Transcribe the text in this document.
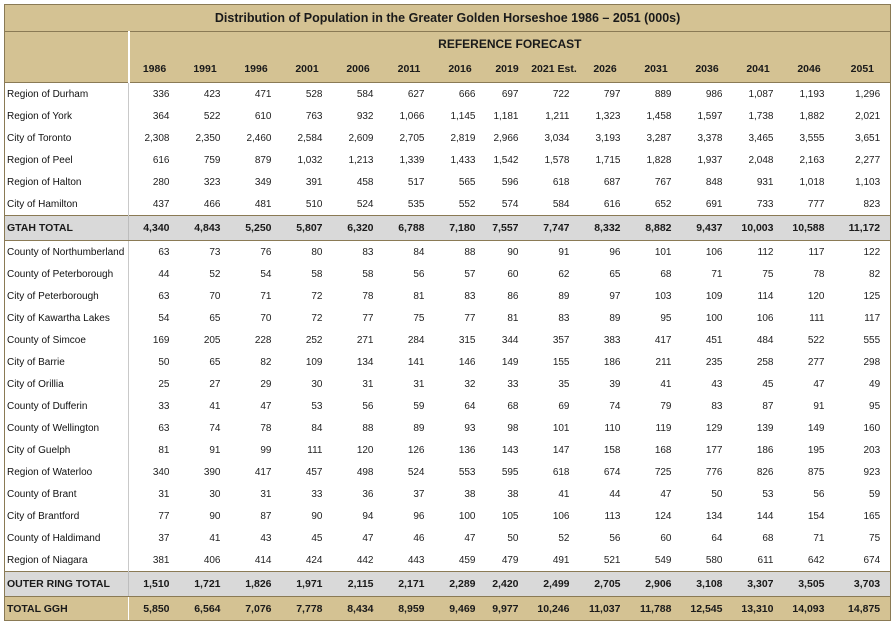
Distribution of Population in the Greater Golden Horseshoe 1986 – 2051 (000s)															
	REFERENCE FORECAST														
	1986	1991	1996	2001	2006	2011	2016	2019	2021 Est.	2026	2031	2036	2041	2046	2051
Region of Durham	336	423	471	528	584	627	666	697	722	797	889	986	1,087	1,193	1,296
Region of York	364	522	610	763	932	1,066	1,145	1,181	1,211	1,323	1,458	1,597	1,738	1,882	2,021
City of Toronto	2,308	2,350	2,460	2,584	2,609	2,705	2,819	2,966	3,034	3,193	3,287	3,378	3,465	3,555	3,651
Region of Peel	616	759	879	1,032	1,213	1,339	1,433	1,542	1,578	1,715	1,828	1,937	2,048	2,163	2,277
Region of Halton	280	323	349	391	458	517	565	596	618	687	767	848	931	1,018	1,103
City of Hamilton	437	466	481	510	524	535	552	574	584	616	652	691	733	777	823
GTAH TOTAL	4,340	4,843	5,250	5,807	6,320	6,788	7,180	7,557	7,747	8,332	8,882	9,437	10,003	10,588	11,172
County of Northumberland	63	73	76	80	83	84	88	90	91	96	101	106	112	117	122
County of Peterborough	44	52	54	58	58	56	57	60	62	65	68	71	75	78	82
City of Peterborough	63	70	71	72	78	81	83	86	89	97	103	109	114	120	125
City of Kawartha Lakes	54	65	70	72	77	75	77	81	83	89	95	100	106	111	117
County of Simcoe	169	205	228	252	271	284	315	344	357	383	417	451	484	522	555
City of Barrie	50	65	82	109	134	141	146	149	155	186	211	235	258	277	298
City of Orillia	25	27	29	30	31	31	32	33	35	39	41	43	45	47	49
County of Dufferin	33	41	47	53	56	59	64	68	69	74	79	83	87	91	95
County of Wellington	63	74	78	84	88	89	93	98	101	110	119	129	139	149	160
City of Guelph	81	91	99	111	120	126	136	143	147	158	168	177	186	195	203
Region of Waterloo	340	390	417	457	498	524	553	595	618	674	725	776	826	875	923
County of Brant	31	30	31	33	36	37	38	38	41	44	47	50	53	56	59
City of Brantford	77	90	87	90	94	96	100	105	106	113	124	134	144	154	165
County of Haldimand	37	41	43	45	47	46	47	50	52	56	60	64	68	71	75
Region of Niagara	381	406	414	424	442	443	459	479	491	521	549	580	611	642	674
OUTER RING TOTAL	1,510	1,721	1,826	1,971	2,115	2,171	2,289	2,420	2,499	2,705	2,906	3,108	3,307	3,505	3,703
TOTAL GGH	5,850	6,564	7,076	7,778	8,434	8,959	9,469	9,977	10,246	11,037	11,788	12,545	13,310	14,093	14,875
